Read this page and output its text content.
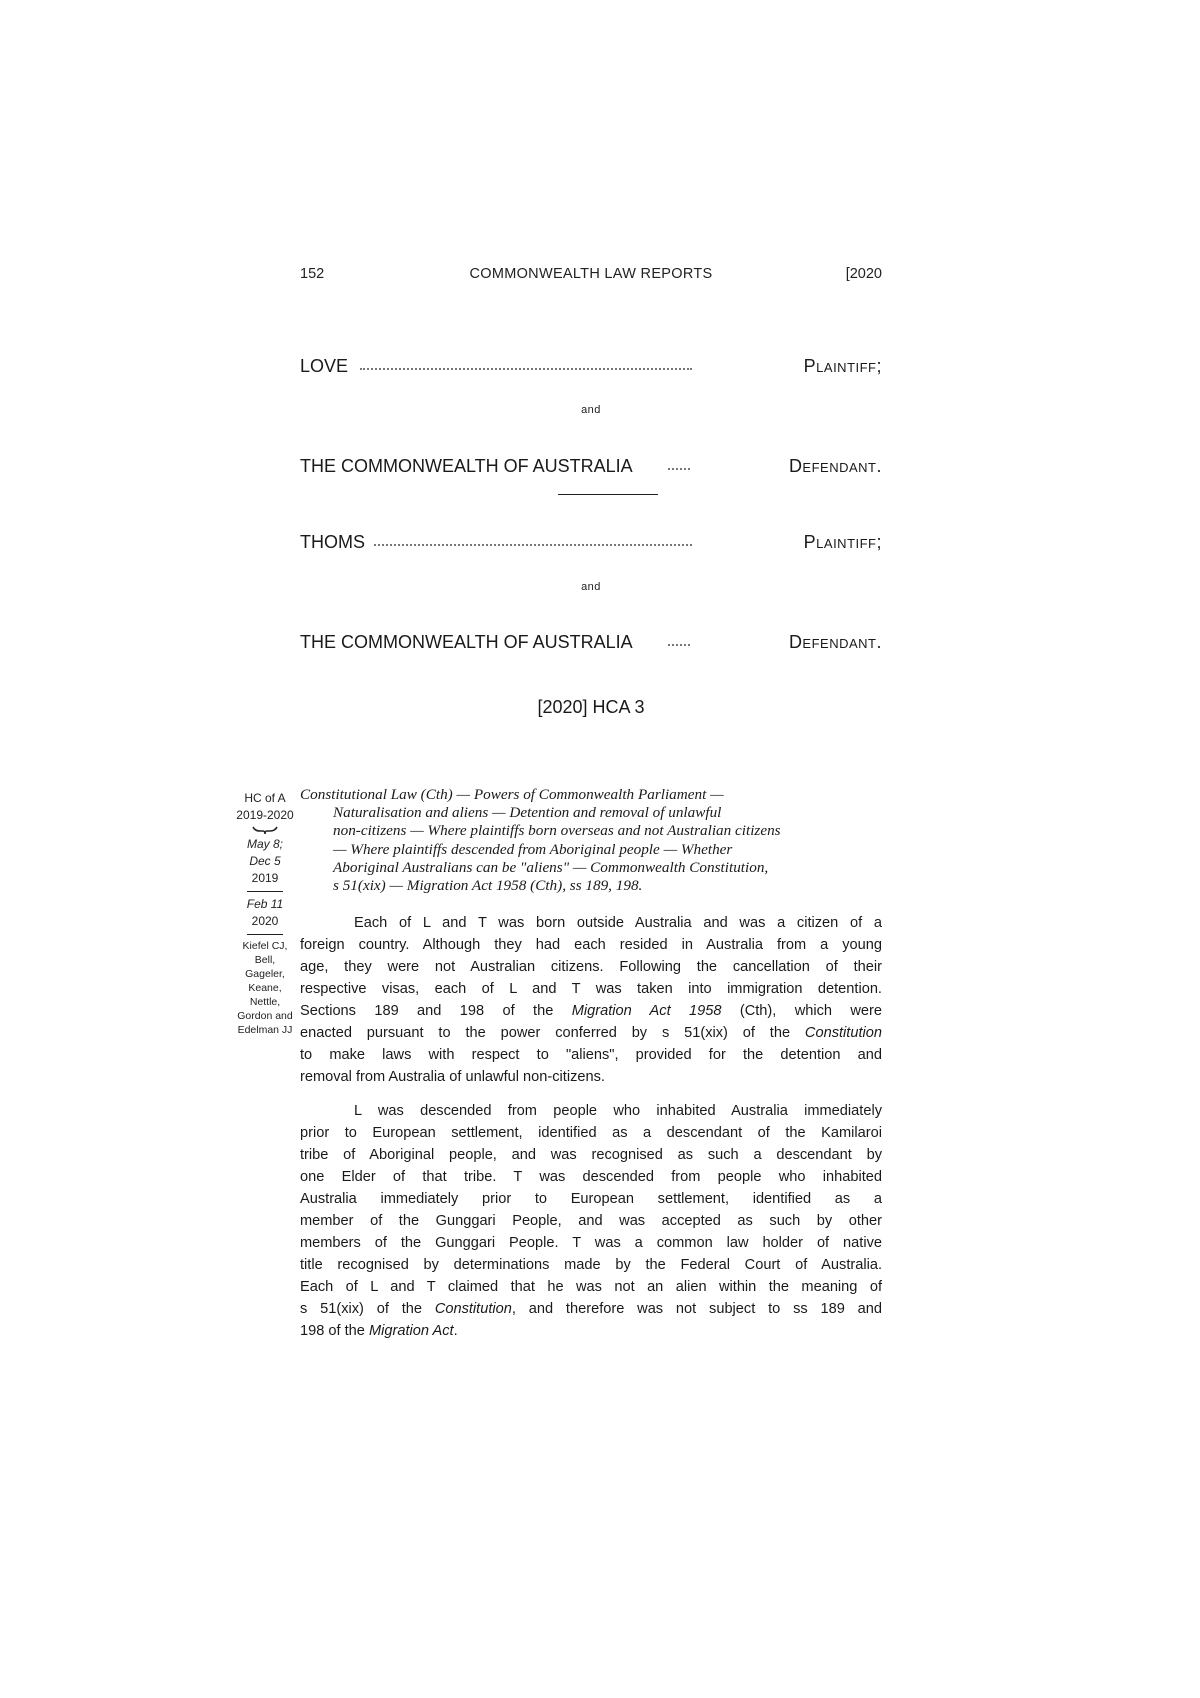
152	COMMONWEALTH LAW REPORTS	[2020
LOVE	Plaintiff;
and
THE COMMONWEALTH OF AUSTRALIA	Defendant.
THOMS	Plaintiff;
and
THE COMMONWEALTH OF AUSTRALIA	Defendant.
[2020] HCA 3
HC of A
2019-2020
May 8;
Dec 5
2019
Feb 11
2020
Kiefel CJ,
Bell,
Gageler,
Keane,
Nettle,
Gordon and
Edelman JJ
Constitutional Law (Cth) — Powers of Commonwealth Parliament —
Naturalisation and aliens — Detention and removal of unlawful
non-citizens — Where plaintiffs born overseas and not Australian citizens
— Where plaintiffs descended from Aboriginal people — Whether
Aboriginal Australians can be "aliens" — Commonwealth Constitution,
s 51(xix) — Migration Act 1958 (Cth), ss 189, 198.
Each of L and T was born outside Australia and was a citizen of a
foreign country. Although they had each resided in Australia from a young
age, they were not Australian citizens. Following the cancellation of their
respective visas, each of L and T was taken into immigration detention.
Sections 189 and 198 of the Migration Act 1958 (Cth), which were
enacted pursuant to the power conferred by s 51(xix) of the Constitution
to make laws with respect to "aliens", provided for the detention and
removal from Australia of unlawful non-citizens.
L was descended from people who inhabited Australia immediately
prior to European settlement, identified as a descendant of the Kamilaroi
tribe of Aboriginal people, and was recognised as such a descendant by
one Elder of that tribe. T was descended from people who inhabited
Australia immediately prior to European settlement, identified as a
member of the Gunggari People, and was accepted as such by other
members of the Gunggari People. T was a common law holder of native
title recognised by determinations made by the Federal Court of Australia.
Each of L and T claimed that he was not an alien within the meaning of
s 51(xix) of the Constitution, and therefore was not subject to ss 189 and
198 of the Migration Act.
